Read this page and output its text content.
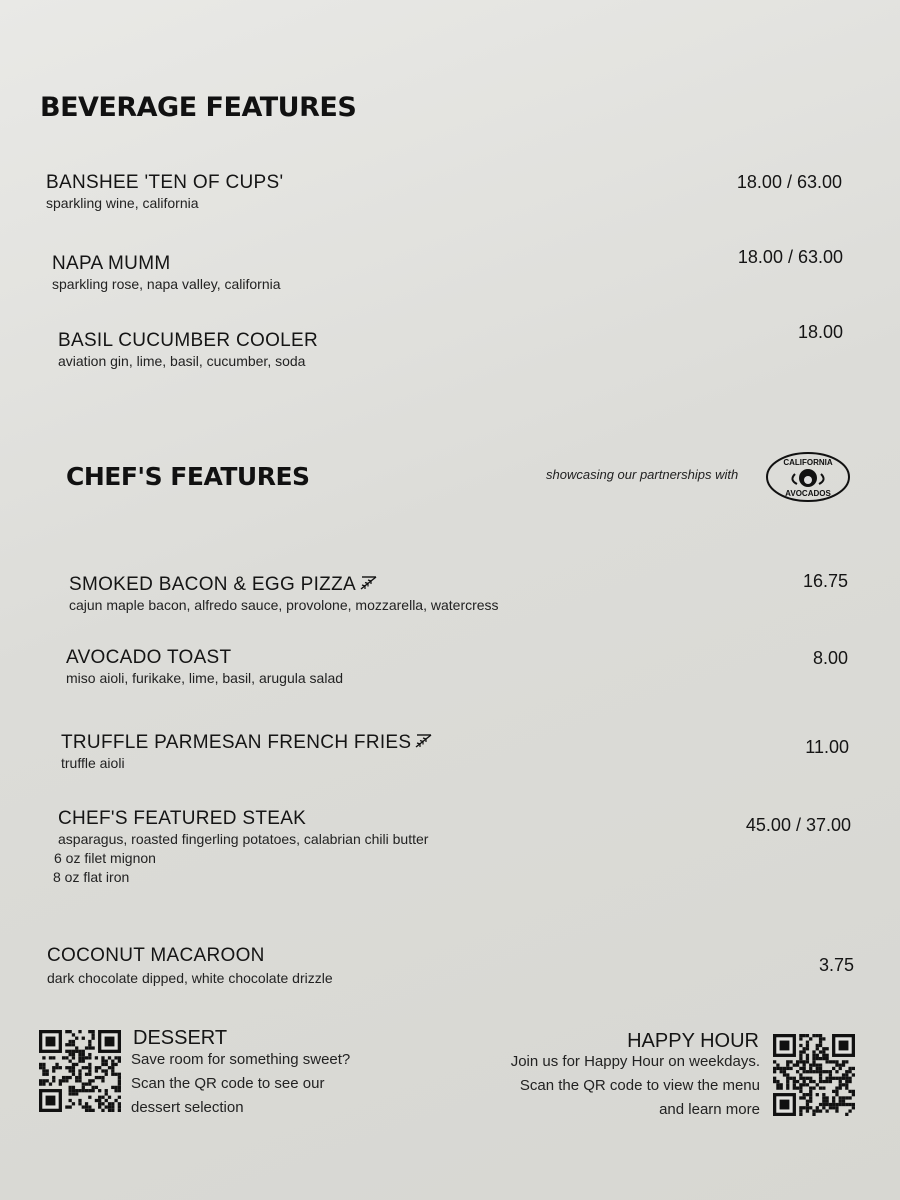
BEVERAGE FEATURES
BANSHEE 'TEN OF CUPS'
sparkling wine, california
18.00 / 63.00
NAPA MUMM
sparkling rose, napa valley, california
18.00 / 63.00
BASIL CUCUMBER COOLER
aviation gin, lime, basil, cucumber, soda
18.00
CHEF'S FEATURES	showcasing our partnerships with
CALIFORNIA
AVOCADOS
SMOKED BACON & EGG PIZZA
cajun maple bacon, alfredo sauce, provolone, mozzarella, watercress
16.75
AVOCADO TOAST
miso aioli, furikake, lime, basil, arugula salad
8.00
TRUFFLE PARMESAN FRENCH FRIES
truffle aioli
11.00
CHEF'S FEATURED STEAK
asparagus, roasted fingerling potatoes, calabrian chili butter
6 oz filet mignon
8 oz flat iron
45.00 / 37.00
COCONUT MACAROON
dark chocolate dipped, white chocolate drizzle
3.75
DESSERT
Save room for something sweet?
Scan the QR code to see our
dessert selection
HAPPY HOUR
Join us for Happy Hour on weekdays.
Scan the QR code to view the menu
and learn more
